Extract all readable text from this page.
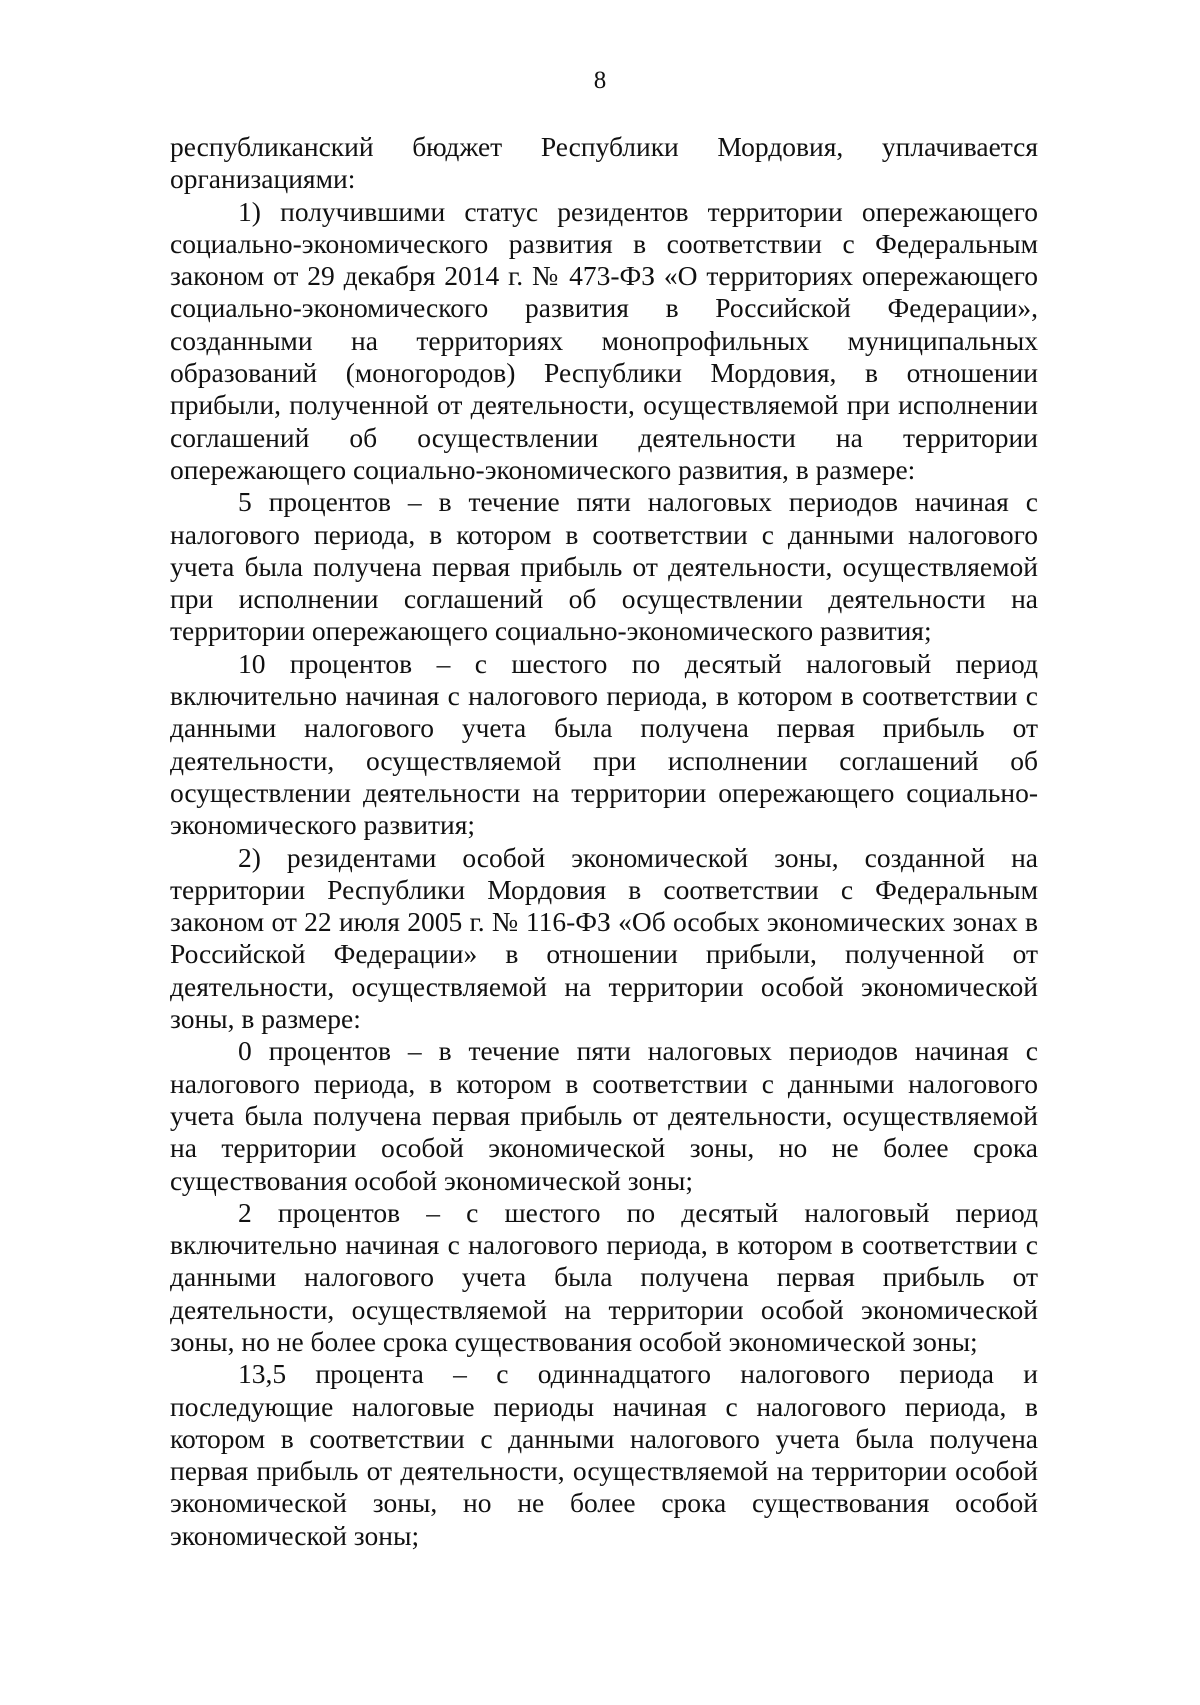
8

республиканский бюджет Республики Мордовия, уплачивается организациями:

1) получившими статус резидентов территории опережающего социально-экономического развития в соответствии с Федеральным законом от 29 декабря 2014 г. № 473-ФЗ «О территориях опережающего социально-экономического развития в Российской Федерации», созданными на территориях монопрофильных муниципальных образований (моногородов) Республики Мордовия, в отношении прибыли, полученной от деятельности, осуществляемой при исполнении соглашений об осуществлении деятельности на территории опережающего социально-экономического развития, в размере:

5 процентов – в течение пяти налоговых периодов начиная с налогового периода, в котором в соответствии с данными налогового учета была получена первая прибыль от деятельности, осуществляемой при исполнении соглашений об осуществлении деятельности на территории опережающего социально-экономического развития;

10 процентов – с шестого по десятый налоговый период включительно начиная с налогового периода, в котором в соответствии с данными налогового учета была получена первая прибыль от деятельности, осуществляемой при исполнении соглашений об осуществлении деятельности на территории опережающего социально-экономического развития;

2) резидентами особой экономической зоны, созданной на территории Республики Мордовия в соответствии с Федеральным законом от 22 июля 2005 г. № 116-ФЗ «Об особых экономических зонах в Российской Федерации» в отношении прибыли, полученной от деятельности, осуществляемой на территории особой экономической зоны, в размере:

0 процентов – в течение пяти налоговых периодов начиная с налогового периода, в котором в соответствии с данными налогового учета была получена первая прибыль от деятельности, осуществляемой на территории особой экономической зоны, но не более срока существования особой экономической зоны;

2 процентов – с шестого по десятый налоговый период включительно начиная с налогового периода, в котором в соответствии с данными налогового учета была получена первая прибыль от деятельности, осуществляемой на территории особой экономической зоны, но не более срока существования особой экономической зоны;

13,5 процента – с одиннадцатого налогового периода и последующие налоговые периоды начиная с налогового периода, в котором в соответствии с данными налогового учета была получена первая прибыль от деятельности, осуществляемой на территории особой экономической зоны, но не более срока существования особой экономической зоны;
